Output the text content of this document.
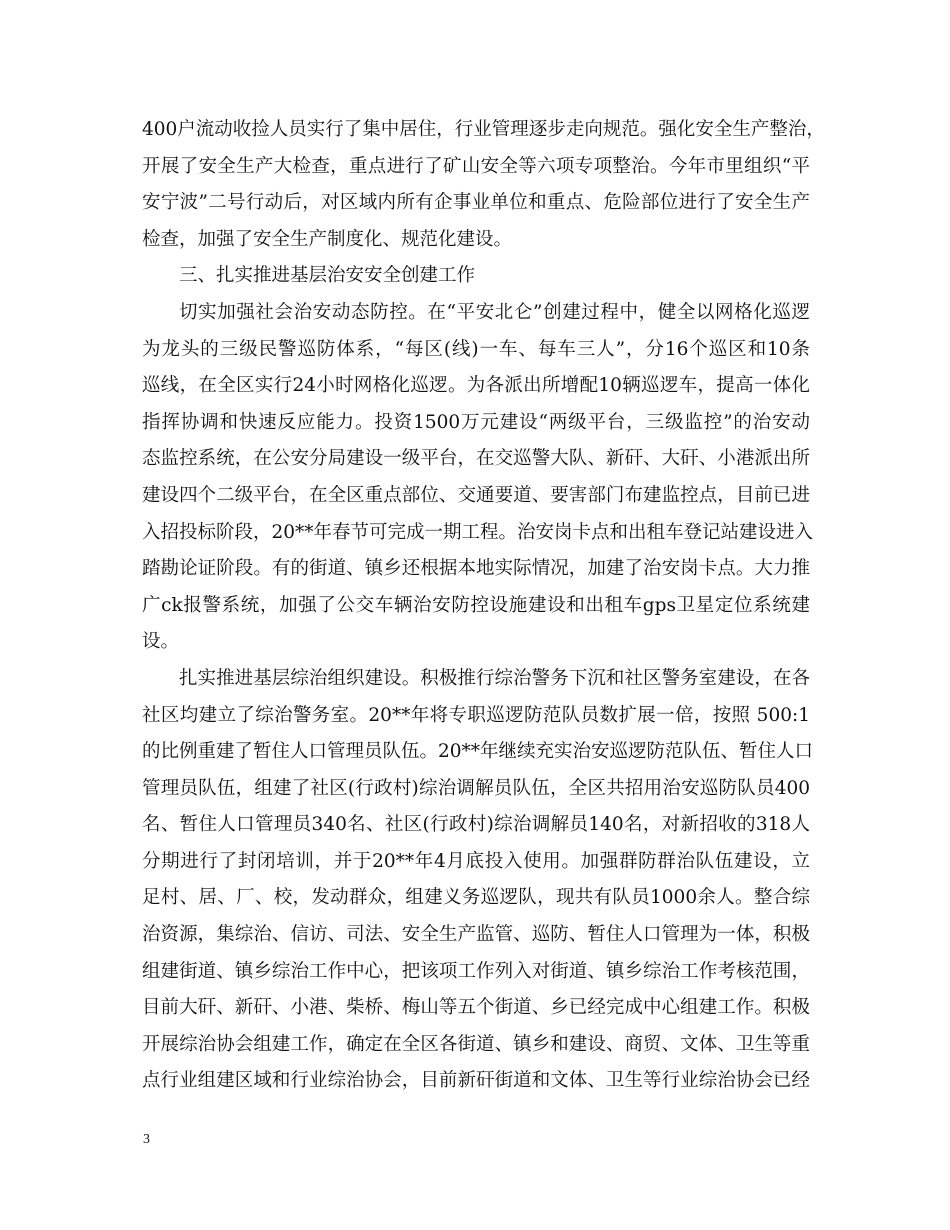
400户流动收捡人员实行了集中居住，行业管理逐步走向规范。强化安全生产整治，
开展了安全生产大检查，重点进行了矿山安全等六项专项整治。今年市里组织“平
安宁波”二号行动后，对区域内所有企事业单位和重点、危险部位进行了安全生产
检查，加强了安全生产制度化、规范化建设。
三、扎实推进基层治安安全创建工作
切实加强社会治安动态防控。在“平安北仑”创建过程中，健全以网格化巡逻
为龙头的三级民警巡防体系，“每区(线)一车、每车三人”，分16个巡区和10条
巡线，在全区实行24小时网格化巡逻。为各派出所增配10辆巡逻车，提高一体化
指挥协调和快速反应能力。投资1500万元建设“两级平台，三级监控”的治安动
态监控系统，在公安分局建设一级平台，在交巡警大队、新矸、大矸、小港派出所
建设四个二级平台，在全区重点部位、交通要道、要害部门布建监控点，目前已进
入招投标阶段，20**年春节可完成一期工程。治安岗卡点和出租车登记站建设进入
踏勘论证阶段。有的街道、镇乡还根据本地实际情况，加建了治安岗卡点。大力推
广ck报警系统，加强了公交车辆治安防控设施建设和出租车gps卫星定位系统建
设。
扎实推进基层综治组织建设。积极推行综治警务下沉和社区警务室建设，在各
社区均建立了综治警务室。20**年将专职巡逻防范队员数扩展一倍，按照 500:1
的比例重建了暂住人口管理员队伍。20**年继续充实治安巡逻防范队伍、暂住人口
管理员队伍，组建了社区(行政村)综治调解员队伍，全区共招用治安巡防队员400
名、暂住人口管理员340名、社区(行政村)综治调解员140名，对新招收的318人
分期进行了封闭培训，并于20**年4月底投入使用。加强群防群治队伍建设，立
足村、居、厂、校，发动群众，组建义务巡逻队，现共有队员1000余人。整合综
治资源，集综治、信访、司法、安全生产监管、巡防、暂住人口管理为一体，积极
组建街道、镇乡综治工作中心，把该项工作列入对街道、镇乡综治工作考核范围，
目前大矸、新矸、小港、柴桥、梅山等五个街道、乡已经完成中心组建工作。积极
开展综治协会组建工作，确定在全区各街道、镇乡和建设、商贸、文体、卫生等重
点行业组建区域和行业综治协会，目前新矸街道和文体、卫生等行业综治协会已经
3
